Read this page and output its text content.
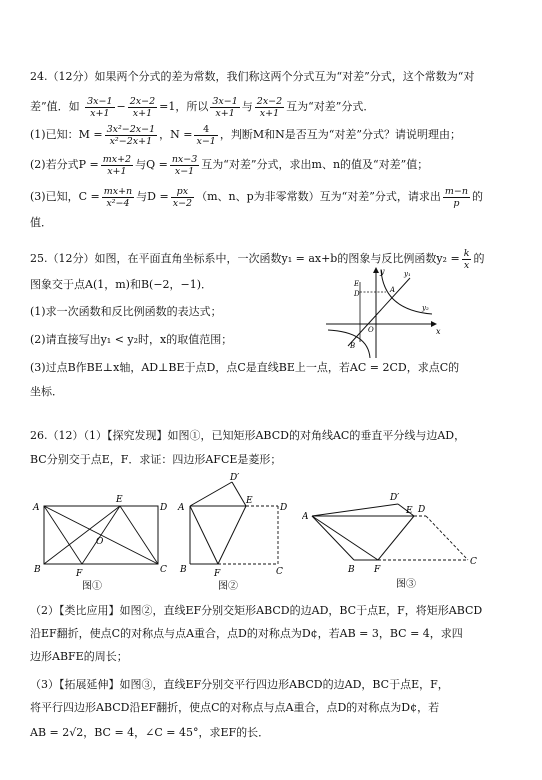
24.（12分）如果两个分式的差为常数，我们称这两个分式互为“对差”分式，这个常数为“对
差”值．如 $\frac{3x-1}{x+1} - \frac{2x-2}{x+1} =1$，所以 $\frac{3x-1}{x+1}$ 与 $\frac{2x-2}{x+1}$ 互为“对差”分式．
(1)已知：$M = \frac{\text{3x²−2x−1}}{\text{x²−2x+1}}$ ，$N = \frac{4}{x-1}$ ，判断M和N是否互为“对差”分式？请说明理由；
(2)若分式$P = \frac{mx+2}{x+1}$ 与$Q = \frac{nx-3}{x-1}$ 互为“对差”分式，求出m、n的值及“对差”值；
(3)已知，$C = \frac{mx+n}{\text{x²−4}}$ 与$D = \frac{px}{x-2} (m$、n、p为非零常数）互为“对差”分式，请求出 $\frac{m-n}{p}$ 的
值．
25.（12分）如图，在平面直角坐标系中，一次函数y₁ = ax+b的图象与反比例函数$y_2 = \frac{k}{x}$ 的
图象交于点A(1，m)和B(−2，−1)．
(1)求一次函数和反比例函数的表达式；
(2)请直接写出y₁ < y₂时，x的取值范围；
(3)过点B作BE⊥x轴，AD⊥BE于点D，点C是直线BE上一点，若AC = 2CD，求点C的
坐标．
y
x
y₁
y₂
E
D	A
O
B
26.（12）（1）【探究发现】如图①，已知矩形ABCD的对角线AC的垂直平分线与边AD，
BC分别交于点E，F．求证：四边形AFCE是菱形；
A
E
D
O
B	F	C
图①
D′
A
E
D
B	F	C
图②
D′
A
E D
B F
C
图③
（2）【类比应用】如图②，直线EF分别交矩形ABCD的边AD，BC于点E，F，将矩形ABCD
沿EF翻折，使点C的对称点与点A重合，点D的对称点为D¢，若AB = 3，BC = 4，求四
边形ABFE的周长；
（3）【拓展延伸】如图③，直线EF分别交平行四边形ABCD的边AD，BC于点E，F，
将平行四边形ABCD沿EF翻折，使点C的对称点与点A重合，点D的对称点为D¢，若
AB = 2√2，BC = 4，∠C = 45°，求EF的长．
